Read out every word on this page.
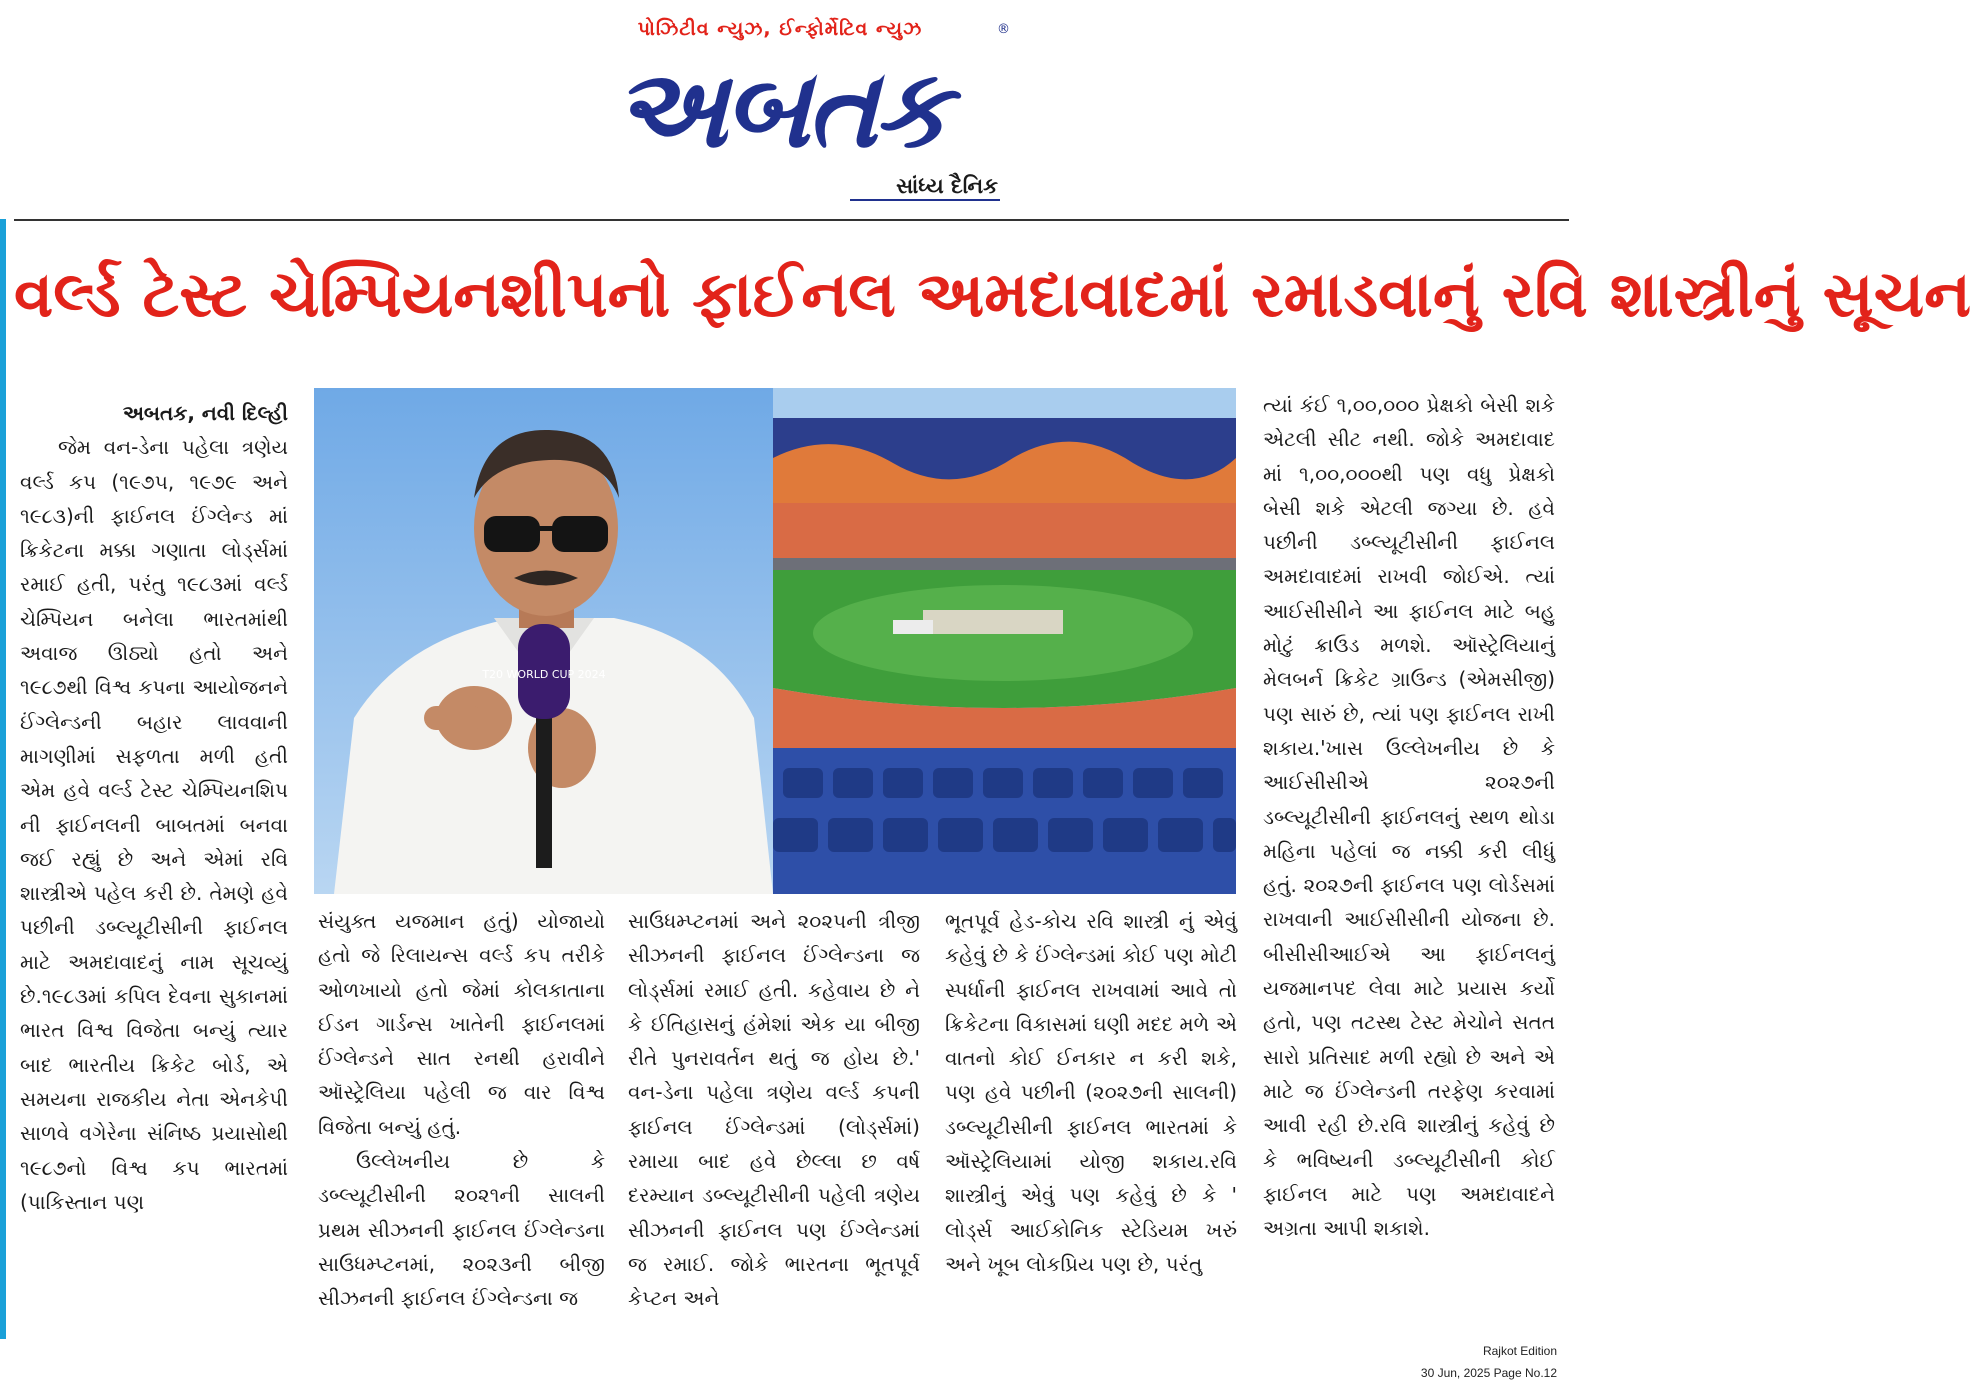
પોઝિટીવ ન્યુઝ, ઈન્ફોર્મેટિવ ન્યુઝ	®
અબતક
સાંધ્ય દૈનિક
વર્લ્ડ ટેસ્ટ ચેમ્પિયનશીપનો ફાઈનલ અમદાવાદમાં રમાડવાનું રવિ શાસ્ત્રીનું સૂચન
અબતક, નવી દિલ્હી

જેમ વન-ડેના પહેલા ત્રણેય વર્લ્ડ કપ (૧૯૭૫, ૧૯૭૯ અને ૧૯૮૩)ની ફાઈનલ ઈંગ્લેન્ડ માં ક્રિકેટના મક્કા ગણાતા લોર્ડ્સમાં રમાઈ હતી, પરંતુ ૧૯૮૩માં વર્લ્ડ ચેમ્પિયન બનેલા ભારતમાંથી અવાજ ઊઠ્યો હતો અને ૧૯૮૭થી વિશ્વ કપના આયોજનને ઈંગ્લેન્ડની બહાર લાવવાની માગણીમાં સફળતા મળી હતી એમ હવે વર્લ્ડ ટેસ્ટ ચેમ્પિયનશિપ ની ફાઈનલની બાબતમાં બનવા જઈ રહ્યું છે અને એમાં રવિ શાસ્ત્રીએ પહેલ કરી છે. તેમણે હવે પછીની ડબ્લ્યૂટીસીની ફાઈનલ માટે અમદાવાદનું નામ સૂચવ્યું છે.૧૯૮૩માં કપિલ દેવના સુકાનમાં ભારત વિશ્વ વિજેતા બન્યું ત્યાર બાદ ભારતીય ક્રિકેટ બોર્ડ, એ સમયના રાજકીય નેતા એનકેપી સાળવે વગેરેના સંનિષ્ઠ પ્રયાસોથી ૧૯૮૭નો વિશ્વ કપ ભારતમાં (પાકિસ્તાન પણ

T20 WORLD CUP 2024

સંયુક્ત યજમાન હતું) યોજાયો હતો જે રિલાયન્સ વર્લ્ડ કપ તરીકે ઓળખાયો હતો જેમાં કોલકાતાના ઈડન ગાર્ડન્સ ખાતેની ફાઈનલમાં ઈંગ્લેન્ડને સાત રનથી હરાવીને ઑસ્ટ્રેલિયા પહેલી જ વાર વિશ્વ વિજેતા બન્યું હતું.

ઉલ્લેખનીય છે કે ડબ્લ્યૂટીસીની ૨૦૨૧ની સાલની પ્રથમ સીઝનની ફાઈનલ ઈંગ્લેન્ડના સાઉધમ્પ્ટનમાં, ૨૦૨૩ની બીજી સીઝનની ફાઈનલ ઈંગ્લેન્ડના જ

સાઉધમ્પ્ટનમાં અને ૨૦૨૫ની ત્રીજી સીઝનની ફાઈનલ ઈંગ્લેન્ડના જ લોર્ડ્સમાં રમાઈ હતી. કહેવાય છે ને કે ઈતિહાસનું હંમેશાં એક યા બીજી રીતે પુનરાવર્તન થતું જ હોય છે.' વન-ડેના પહેલા ત્રણેય વર્લ્ડ કપની ફાઈનલ ઈંગ્લેન્ડમાં (લોર્ડ્સમાં) રમાયા બાદ હવે છેલ્લા છ વર્ષ દરમ્યાન ડબ્લ્યૂટીસીની પહેલી ત્રણેય સીઝનની ફાઈનલ પણ ઈંગ્લેન્ડમાં જ રમાઈ. જોકે ભારતના ભૂતપૂર્વ કેપ્ટન અને

ભૂતપૂર્વ હેડ-કોચ રવિ શાસ્ત્રી નું એવું કહેવું છે કે ઈંગ્લેન્ડમાં કોઈ પણ મોટી સ્પર્ધાની ફાઈનલ રાખવામાં આવે તો ક્રિકેટના વિકાસમાં ઘણી મદદ મળે એ વાતનો કોઈ ઈનકાર ન કરી શકે, પણ હવે પછીની (૨૦૨૭ની સાલની) ડબ્લ્યૂટીસીની ફાઈનલ ભારતમાં કે ઑસ્ટ્રેલિયામાં યોજી શકાય.રવિ શાસ્ત્રીનું એવું પણ કહેવું છે કે ' લોર્ડ્સ આઈકોનિક સ્ટેડિયમ ખરું અને ખૂબ લોકપ્રિય પણ છે, પરંતુ

ત્યાં કંઈ ૧,૦૦,૦૦૦ પ્રેક્ષકો બેસી શકે એટલી સીટ નથી. જોકે અમદાવાદ માં ૧,૦૦,૦૦૦થી પણ વધુ પ્રેક્ષકો બેસી શકે એટલી જગ્યા છે. હવે પછીની ડબ્લ્યૂટીસીની ફાઈનલ અમદાવાદમાં રાખવી જોઈએ. ત્યાં આઈસીસીને આ ફાઈનલ માટે બહુ મોટું ક્રાઉડ મળશે. ઑસ્ટ્રેલિયાનું મેલબર્ન ક્રિકેટ ગ્રાઉન્ડ (એમસીજી) પણ સારું છે, ત્યાં પણ ફાઈનલ રાખી શકાય.'ખાસ ઉલ્લેખનીય છે કે આઈસીસીએ ૨૦૨૭ની ડબ્લ્યૂટીસીની ફાઈનલનું સ્થળ થોડા મહિના પહેલાં જ નક્કી કરી લીધું હતું. ૨૦૨૭ની ફાઈનલ પણ લોર્ડસમાં રાખવાની આઈસીસીની યોજના છે. બીસીસીઆઈએ આ ફાઈનલનું યજમાનપદ લેવા માટે પ્રયાસ કર્યો હતો, પણ તટસ્થ ટેસ્ટ મેચોને સતત સારો પ્રતિસાદ મળી રહ્યો છે અને એ માટે જ ઈંગ્લેન્ડની તરફેણ કરવામાં આવી રહી છે.રવિ શાસ્ત્રીનું કહેવું છે કે ભવિષ્યની ડબ્લ્યૂટીસીની કોઈ ફાઈનલ માટે પણ અમદાવાદને અગ્રતા આપી શકાશે.

Rajkot Edition
30 Jun, 2025 Page No.12
